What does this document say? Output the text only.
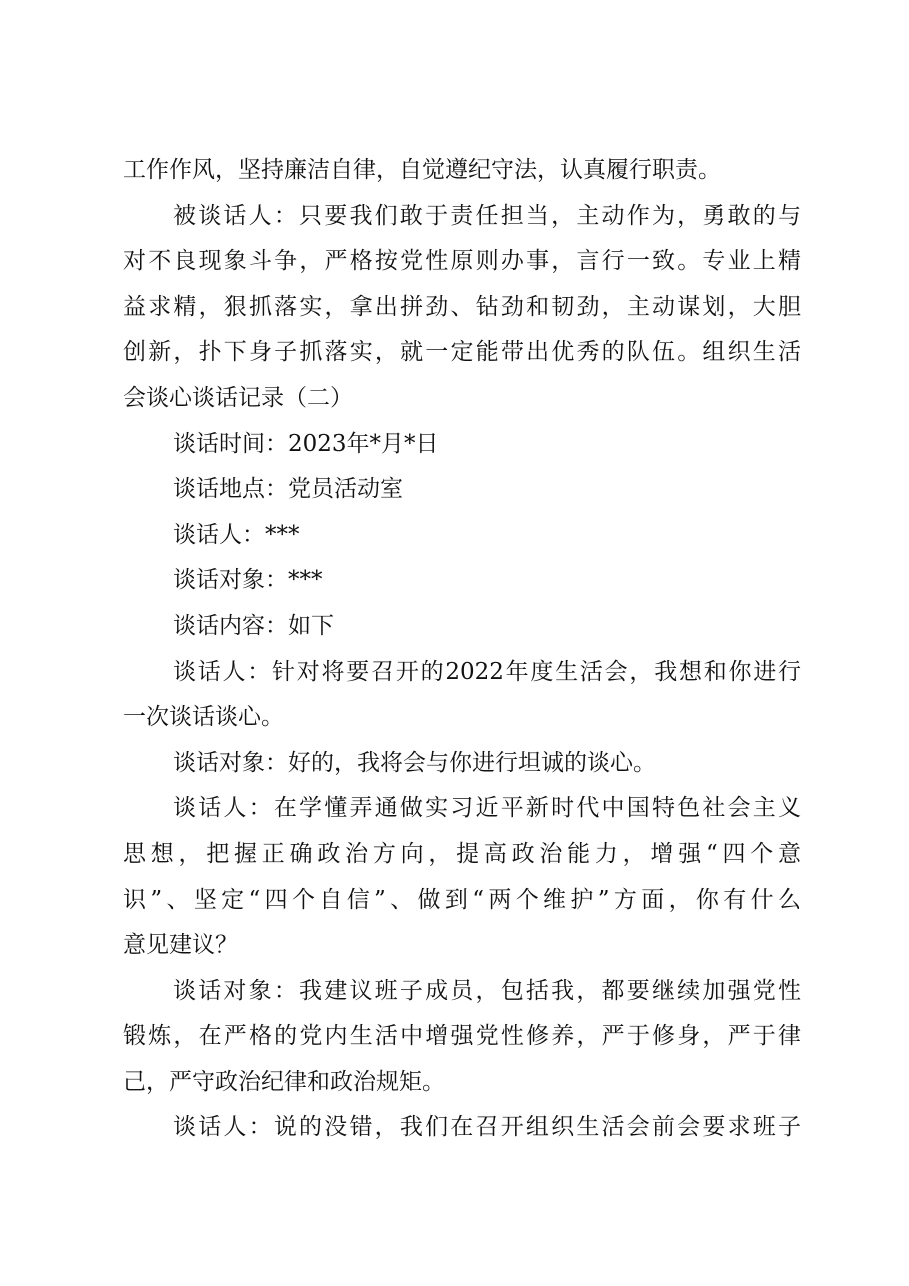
工作作风，坚持廉洁自律，自觉遵纪守法，认真履行职责。
被谈话人：只要我们敢于责任担当，主动作为，勇敢的与
对不良现象斗争，严格按党性原则办事，言行一致。专业上精
益求精，狠抓落实，拿出拼劲、钻劲和韧劲，主动谋划，大胆
创新，扑下身子抓落实，就一定能带出优秀的队伍。组织生活
会谈心谈话记录（二）
谈话时间：2023年*月*日
谈话地点：党员活动室
谈话人：***
谈话对象：***
谈话内容：如下
谈话人：针对将要召开的2022年度生活会，我想和你进行
一次谈话谈心。
谈话对象：好的，我将会与你进行坦诚的谈心。
谈话人：在学懂弄通做实习近平新时代中国特色社会主义
思想，把握正确政治方向，提高政治能力，增强“四个意
识”、坚定“四个自信”、做到“两个维护”方面，你有什么
意见建议？
谈话对象：我建议班子成员，包括我，都要继续加强党性
锻炼，在严格的党内生活中增强党性修养，严于修身，严于律
己，严守政治纪律和政治规矩。
谈话人：说的没错，我们在召开组织生活会前会要求班子
